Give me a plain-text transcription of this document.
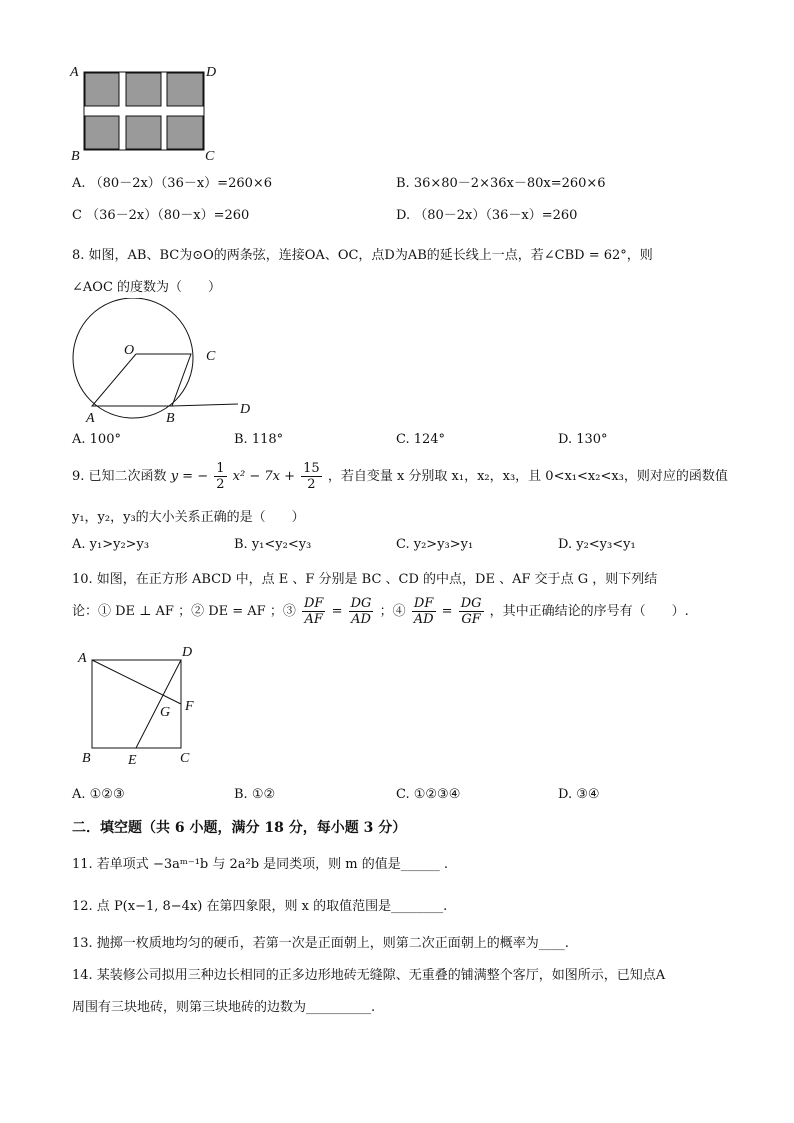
A	D
B	C
A. （80－2x）（36－x）=260×6	B. 36×80－2×36x－80x=260×6
C （36－2x）（80－x）=260	D. （80－2x）（36－x）=260
8. 如图，AB、BC为⊙O的两条弦，连接OA、OC，点D为AB的延长线上一点，若∠CBD = 62°，则
∠AOC 的度数为（　　）
O	C
A	B
D
A. 100°	B. 118°	C. 124°	D. 130°
9. 已知二次函数 y = − $\frac{1}{2} x^2 - 7x + \frac{15}{2}$ ，若自变量 x 分别取 x₁，x₂，x₃，且 0<x₁<x₂<x₃，则对应的函数值
y₁，y₂，y₃的大小关系正确的是（　　）
A. y₁>y₂>y₃	B. y₁<y₂<y₃	C. y₂>y₃>y₁	D. y₂<y₃<y₁
10. 如图，在正方形 ABCD 中，点 E 、F 分别是 BC 、CD 的中点，DE 、AF 交于点 G ，则下列结
论：① DE ⊥ AF ；② DE = AF ；③ $\frac{DF}{AF} = \frac{DG}{AD}$ ；④ $\frac{DF}{AD} = \frac{DG}{GF}$ ，其中正确结论的序号有（　　）.
A	D
F
G
B	E	C
A. ①②③	B. ①②	C. ①②③④	D. ③④
二．填空题（共 6 小题，满分 18 分，每小题 3 分）
11. 若单项式 −3aᵐ⁻¹b 与 2a²b 是同类项，则 m 的值是______ .
12. 点 P(x−1, 8−4x) 在第四象限，则 x 的取值范围是________.
13. 抛掷一枚质地均匀的硬币，若第一次是正面朝上，则第二次正面朝上的概率为____.
14. 某装修公司拟用三种边长相同的正多边形地砖无缝隙、无重叠的铺满整个客厅，如图所示，已知点A
周围有三块地砖，则第三块地砖的边数为__________.
